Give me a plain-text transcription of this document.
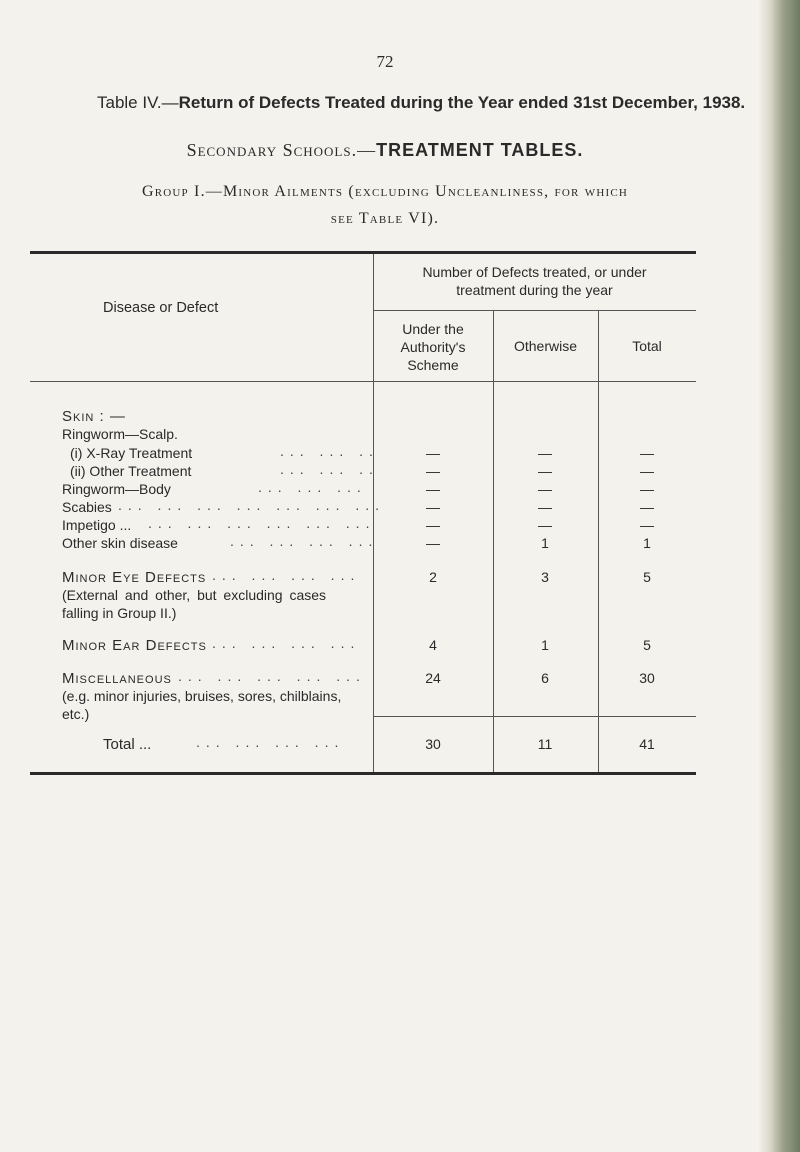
72
Table IV.—Return of Defects Treated during the Year ended 31st December, 1938.
Secondary Schools.—TREATMENT TABLES.
Group I.—Minor Ailments (excluding Uncleanliness, for which
see Table VI).
Disease or Defect
Number of Defects treated, or under
treatment during the year
Under the
Authority's
Scheme
Otherwise	Total
Skin : —
Ringworm—Scalp.
(i) X-Ray Treatment	... ... ..	—	—	—
(ii) Other Treatment	... ... ..	—	—	—
Ringworm—Body	... ... ...	—	—	—
Scabies ... ... ... ... ... ... ...	—	—	—
Impetigo ... ... ... ... ... ... ...	—	—	—
Other skin disease	... ... ... ...	—	1	1
Minor Eye Defects ... ... ... ...
(External and other, but excluding cases
falling in Group II.)
2	3	5
Minor Ear Defects ... ... ... ...	4	1	5
Miscellaneous ... ... ... ... ...
(e.g. minor injuries, bruises, sores, chilblains,
etc.)
24	6	30
Total ...	... ... ... ...	30	11	41
